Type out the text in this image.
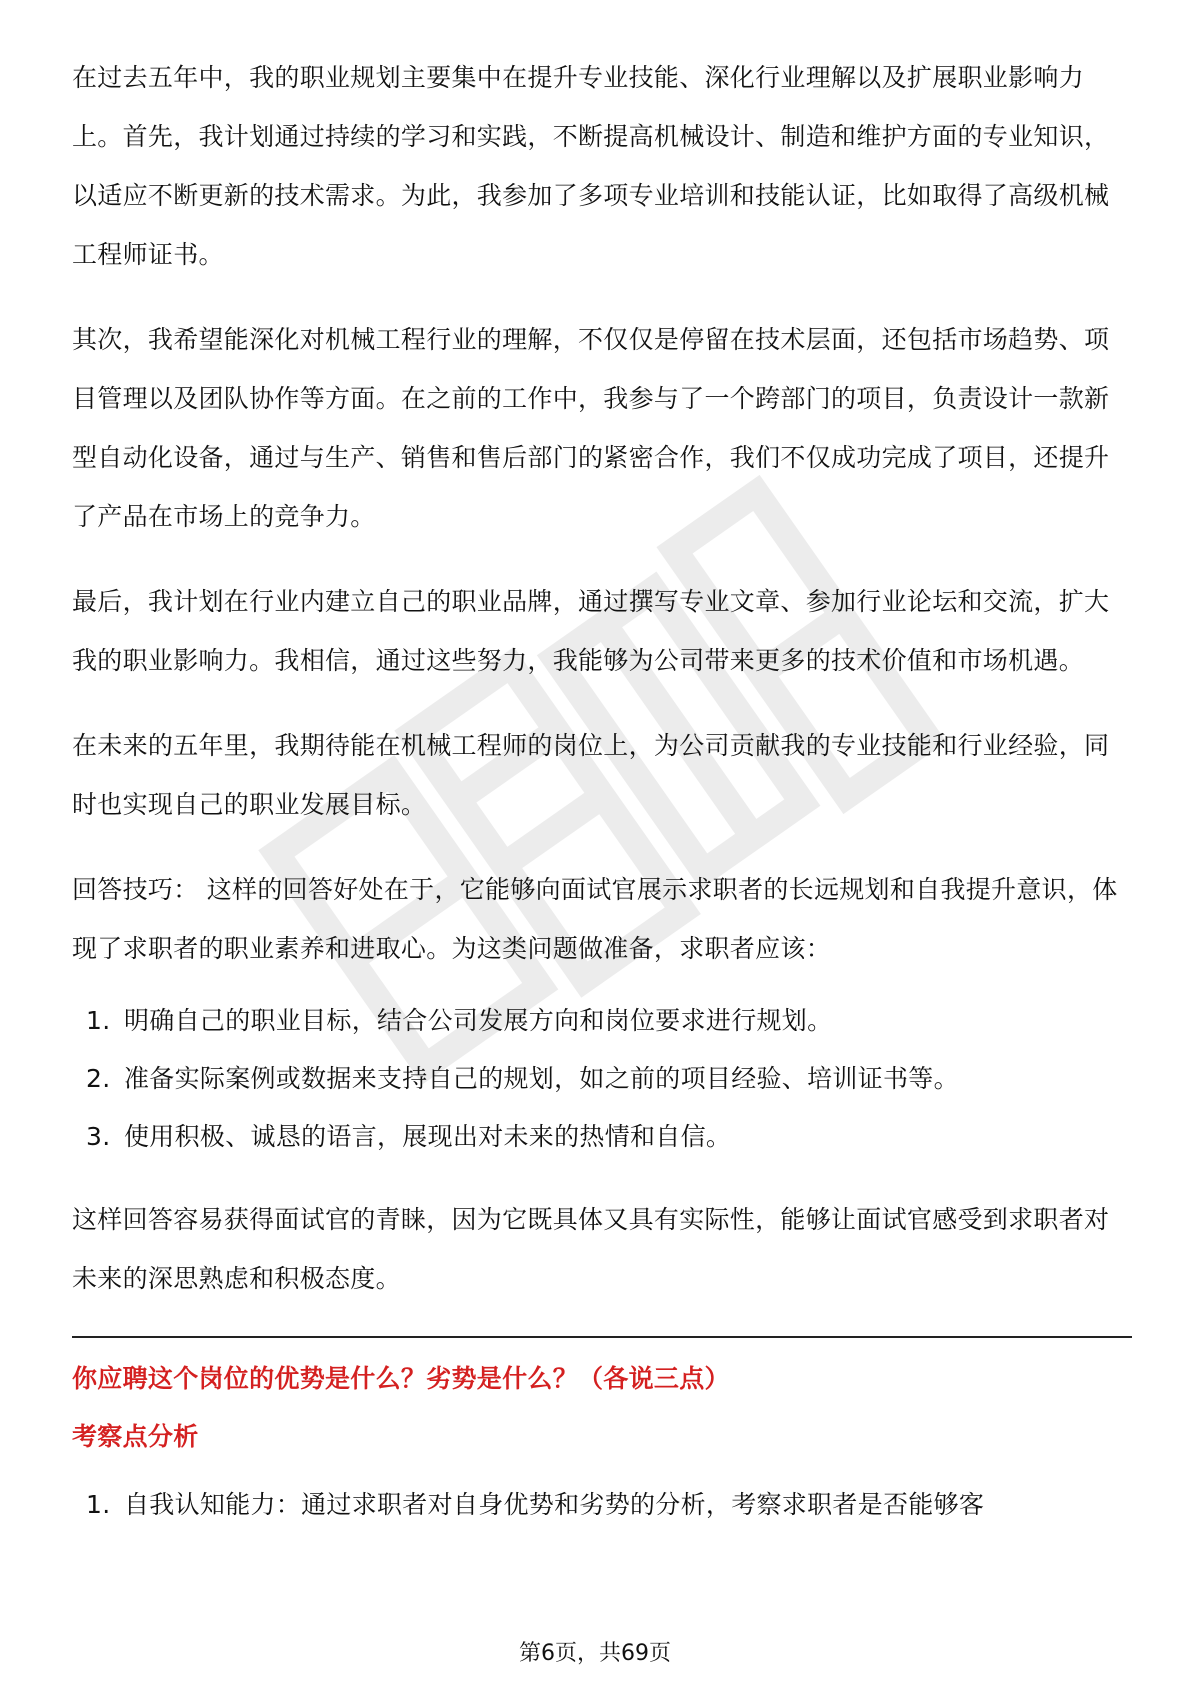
在过去五年中，我的职业规划主要集中在提升专业技能、深化行业理解以及扩展职业影响力上。首先，我计划通过持续的学习和实践，不断提高机械设计、制造和维护方面的专业知识，以适应不断更新的技术需求。为此，我参加了多项专业培训和技能认证，比如取得了高级机械工程师证书。

其次，我希望能深化对机械工程行业的理解，不仅仅是停留在技术层面，还包括市场趋势、项目管理以及团队协作等方面。在之前的工作中，我参与了一个跨部门的项目，负责设计一款新型自动化设备，通过与生产、销售和售后部门的紧密合作，我们不仅成功完成了项目，还提升了产品在市场上的竞争力。

最后，我计划在行业内建立自己的职业品牌，通过撰写专业文章、参加行业论坛和交流，扩大我的职业影响力。我相信，通过这些努力，我能够为公司带来更多的技术价值和市场机遇。

在未来的五年里，我期待能在机械工程师的岗位上，为公司贡献我的专业技能和行业经验，同时也实现自己的职业发展目标。

回答技巧： 这样的回答好处在于，它能够向面试官展示求职者的长远规划和自我提升意识，体现了求职者的职业素养和进取心。为这类问题做准备，求职者应该：

1. 明确自己的职业目标，结合公司发展方向和岗位要求进行规划。
2. 准备实际案例或数据来支持自己的规划，如之前的项目经验、培训证书等。
3. 使用积极、诚恳的语言，展现出对未来的热情和自信。

这样回答容易获得面试官的青睐，因为它既具体又具有实际性，能够让面试官感受到求职者对未来的深思熟虑和积极态度。

你应聘这个岗位的优势是什么？劣势是什么？（各说三点）

考察点分析

1. 自我认知能力：通过求职者对自身优势和劣势的分析，考察求职者是否能够客
第6页，共69页
